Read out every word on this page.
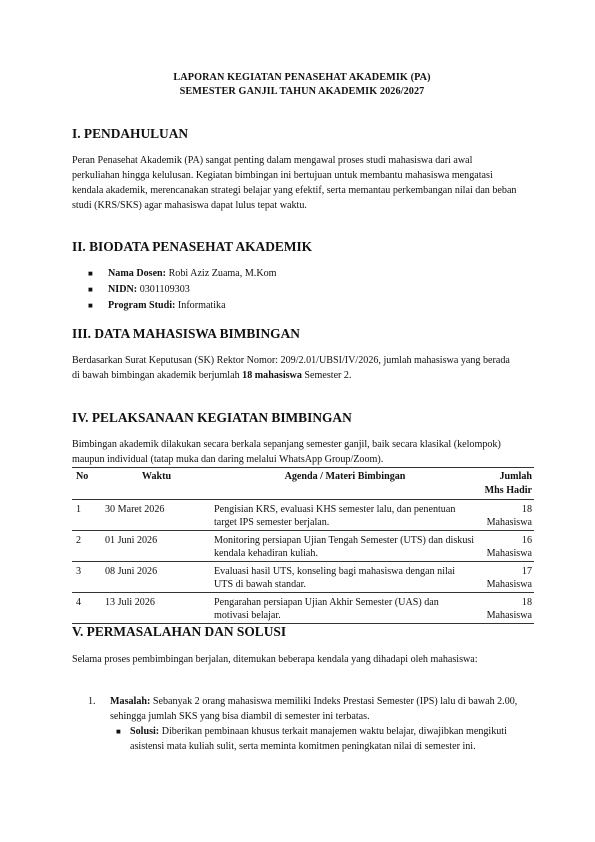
LAPORAN KEGIATAN PENASEHAT AKADEMIK (PA)
SEMESTER GANJIL TAHUN AKADEMIK 2026/2027
I. PENDAHULUAN
Peran Penasehat Akademik (PA) sangat penting dalam mengawal proses studi mahasiswa dari awal perkuliahan hingga kelulusan. Kegiatan bimbingan ini bertujuan untuk membantu mahasiswa mengatasi kendala akademik, merencanakan strategi belajar yang efektif, serta memantau perkembangan nilai dan beban studi (KRS/SKS) agar mahasiswa dapat lulus tepat waktu.
II. BIODATA PENASEHAT AKADEMIK
■ Nama Dosen: Robi Aziz Zuama, M.Kom
■ NIDN: 0301109303
■ Program Studi: Informatika
III. DATA MAHASISWA BIMBINGAN
Berdasarkan Surat Keputusan (SK) Rektor Nomor: 209/2.01/UBSI/IV/2026, jumlah mahasiswa yang berada di bawah bimbingan akademik berjumlah 18 mahasiswa Semester 2.
IV. PELAKSANAAN KEGIATAN BIMBINGAN
Bimbingan akademik dilakukan secara berkala sepanjang semester ganjil, baik secara klasikal (kelompok) maupun individual (tatap muka dan daring melalui WhatsApp Group/Zoom).
No	Waktu	Agenda / Materi Bimbingan	Jumlah Mhs Hadir
1	30 Maret 2026	Pengisian KRS, evaluasi KHS semester lalu, dan penentuan target IPS semester berjalan.	18 Mahasiswa
2	01 Juni 2026	Monitoring persiapan Ujian Tengah Semester (UTS) dan diskusi kendala kehadiran kuliah.	16 Mahasiswa
3	08 Juni 2026	Evaluasi hasil UTS, konseling bagi mahasiswa dengan nilai UTS di bawah standar.	17 Mahasiswa
4	13 Juli 2026	Pengarahan persiapan Ujian Akhir Semester (UAS) dan motivasi belajar.	18 Mahasiswa
V. PERMASALAHAN DAN SOLUSI
Selama proses pembimbingan berjalan, ditemukan beberapa kendala yang dihadapi oleh mahasiswa:
1.	Masalah: Sebanyak 2 orang mahasiswa memiliki Indeks Prestasi Semester (IPS) lalu di bawah 2.00, sehingga jumlah SKS yang bisa diambil di semester ini terbatas.
■ Solusi: Diberikan pembinaan khusus terkait manajemen waktu belajar, diwajibkan mengikuti asistensi mata kuliah sulit, serta meminta komitmen peningkatan nilai di semester ini.
